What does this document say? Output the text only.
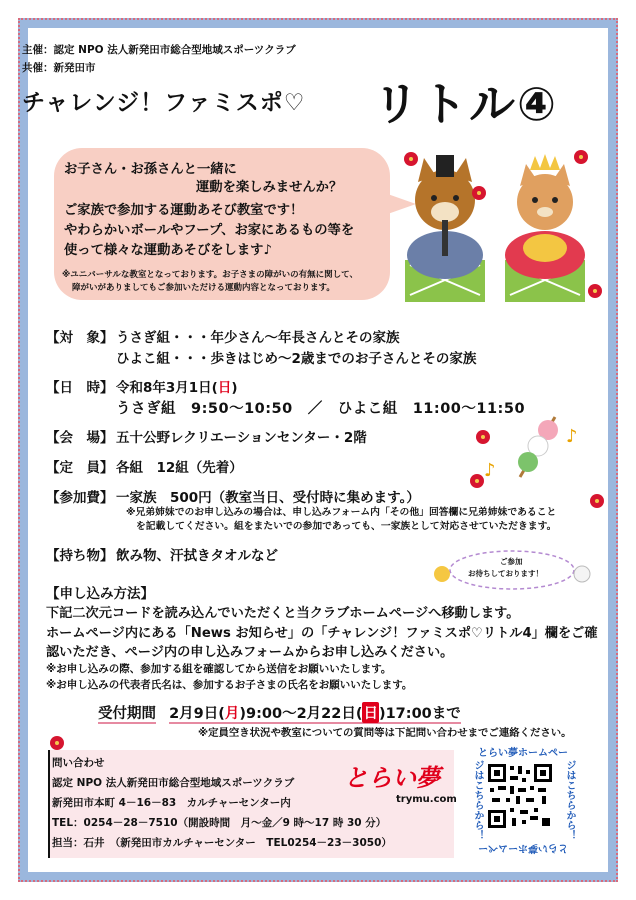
主催：認定 NPO 法人新発田市総合型地域スポーツクラブ
共催：新発田市
チャレンジ！ファミスポ♡ リトル④
お子さん・お孫さんと一緒に
運動を楽しみませんか？
ご家族で参加する運動あそび教室です！
やわらかいボールやフープ、お家にあるもの等を
使って様々な運動あそびをします♪
※ユニバーサルな教室となっております。お子さまの障がいの有無に関して、
障がいがありましてもご参加いただける運動内容となっております。
♪
♪
【対　象】 うさぎ組・・・年少さん～年長さんとその家族
ひよこ組・・・歩きはじめ～2歳までのお子さんとその家族
【日　時】 令和8年3月1日(日)
うさぎ組　9:50～10:50　／　ひよこ組　11:00～11:50
【会　場】 五十公野レクリエーションセンター・2階
【定　員】 各組　12組（先着）
【参加費】 一家族　500円（教室当日、受付時に集めます。）
※兄弟姉妹でのお申し込みの場合は、申し込みフォーム内「その他」回答欄に兄弟姉妹であること
を記載してください。組をまたいでの参加であっても、一家族として対応させていただきます。
【持ち物】 飲み物、汗拭きタオルなど	ご参加
お待ちしております！
【申し込み方法】
下記二次元コードを読み込んでいただくと当クラブホームページへ移動します。
ホームページ内にある「News お知らせ」の「チャレンジ！ファミスポ♡リトル4」欄をご確
認いただき、ページ内の申し込みフォームからお申し込みください。
※お申し込みの際、参加する組を確認してから送信をお願いいたします。
※お申し込みの代表者氏名は、参加するお子さまの氏名をお願いいたします。
受付期間 2月9日(月)9:00～2月22日(日)17:00まで
※定員空き状況や教室についての質問等は下記問い合わせまでご連絡ください。
問い合わせ
認定 NPO 法人新発田市総合型地域スポーツクラブ
新発田市本町 4－16－83　カルチャーセンター内
TEL：0254－28－7510（開設時間　月～金／9 時～17 時 30 分）
担当：石井　（新発田市カルチャーセンター　TEL0254－23－3050）
とらい夢
trymu.com
とらい夢ホームペー
ジはこちらから！	ジはこちらから！
とらい夢ホームペー
